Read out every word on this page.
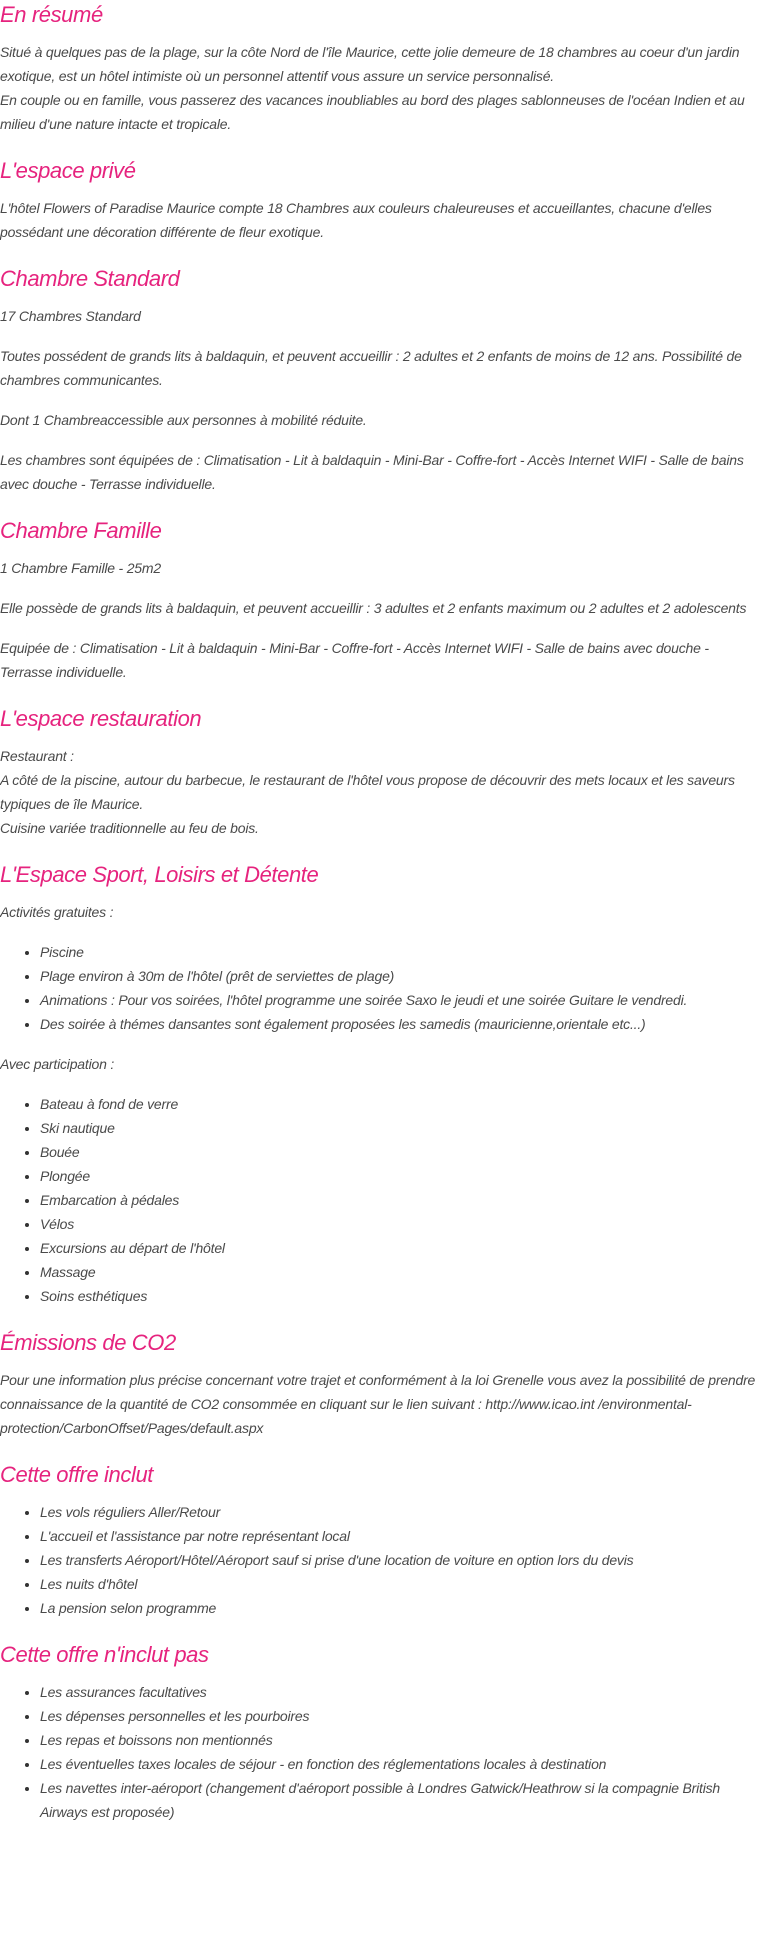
En résumé

Situé à quelques pas de la plage, sur la côte Nord de l'île Maurice, cette jolie demeure de 18 chambres au coeur d'un jardin exotique, est un hôtel intimiste où un personnel attentif vous assure un service personnalisé.
En couple ou en famille, vous passerez des vacances inoubliables au bord des plages sablonneuses de l'océan Indien et au milieu d'une nature intacte et tropicale.

L'espace privé

L'hôtel Flowers of Paradise Maurice compte 18 Chambres aux couleurs chaleureuses et accueillantes, chacune d'elles possédant une décoration différente de fleur exotique.

Chambre Standard

17 Chambres Standard

Toutes possédent de grands lits à baldaquin, et peuvent accueillir : 2 adultes et 2 enfants de moins de 12 ans. Possibilité de chambres communicantes.

Dont 1 Chambreaccessible aux personnes à mobilité réduite.

Les chambres sont équipées de : Climatisation - Lit à baldaquin - Mini-Bar - Coffre-fort - Accès Internet WIFI - Salle de bains avec douche - Terrasse individuelle.

Chambre Famille

1 Chambre Famille - 25m2

Elle possède de grands lits à baldaquin, et peuvent accueillir : 3 adultes et 2 enfants maximum ou 2 adultes et 2 adolescents

Equipée de : Climatisation - Lit à baldaquin - Mini-Bar - Coffre-fort - Accès Internet WIFI - Salle de bains avec douche - Terrasse individuelle.

L'espace restauration

Restaurant :
A côté de la piscine, autour du barbecue, le restaurant de l'hôtel vous propose de découvrir des mets locaux et les saveurs typiques de île Maurice.
Cuisine variée traditionnelle au feu de bois.

L'Espace Sport, Loisirs et Détente

Activités gratuites :

• Piscine
• Plage environ à 30m de l'hôtel (prêt de serviettes de plage)
• Animations : Pour vos soirées, l'hôtel programme une soirée Saxo le jeudi et une soirée Guitare le vendredi.
• Des soirée à thémes dansantes sont également proposées les samedis (mauricienne,orientale etc...)

Avec participation :

• Bateau à fond de verre
• Ski nautique
• Bouée
• Plongée
• Embarcation à pédales
• Vélos
• Excursions au départ de l'hôtel
• Massage
• Soins esthétiques
Émissions de CO2

Pour une information plus précise concernant votre trajet et conformément à la loi Grenelle vous avez la possibilité de prendre connaissance de la quantité de CO2 consommée en cliquant sur le lien suivant : http://www.icao.int /environmental-protection/CarbonOffset/Pages/default.aspx

Cette offre inclut
• Les vols réguliers Aller/Retour
• L'accueil et l'assistance par notre représentant local
• Les transferts Aéroport/Hôtel/Aéroport sauf si prise d'une location de voiture en option lors du devis
• Les nuits d'hôtel
• La pension selon programme
Cette offre n'inclut pas
• Les assurances facultatives
• Les dépenses personnelles et les pourboires
• Les repas et boissons non mentionnés
• Les éventuelles taxes locales de séjour - en fonction des réglementations locales à destination
• Les navettes inter-aéroport (changement d'aéroport possible à Londres Gatwick/Heathrow si la compagnie British Airways est proposée)
